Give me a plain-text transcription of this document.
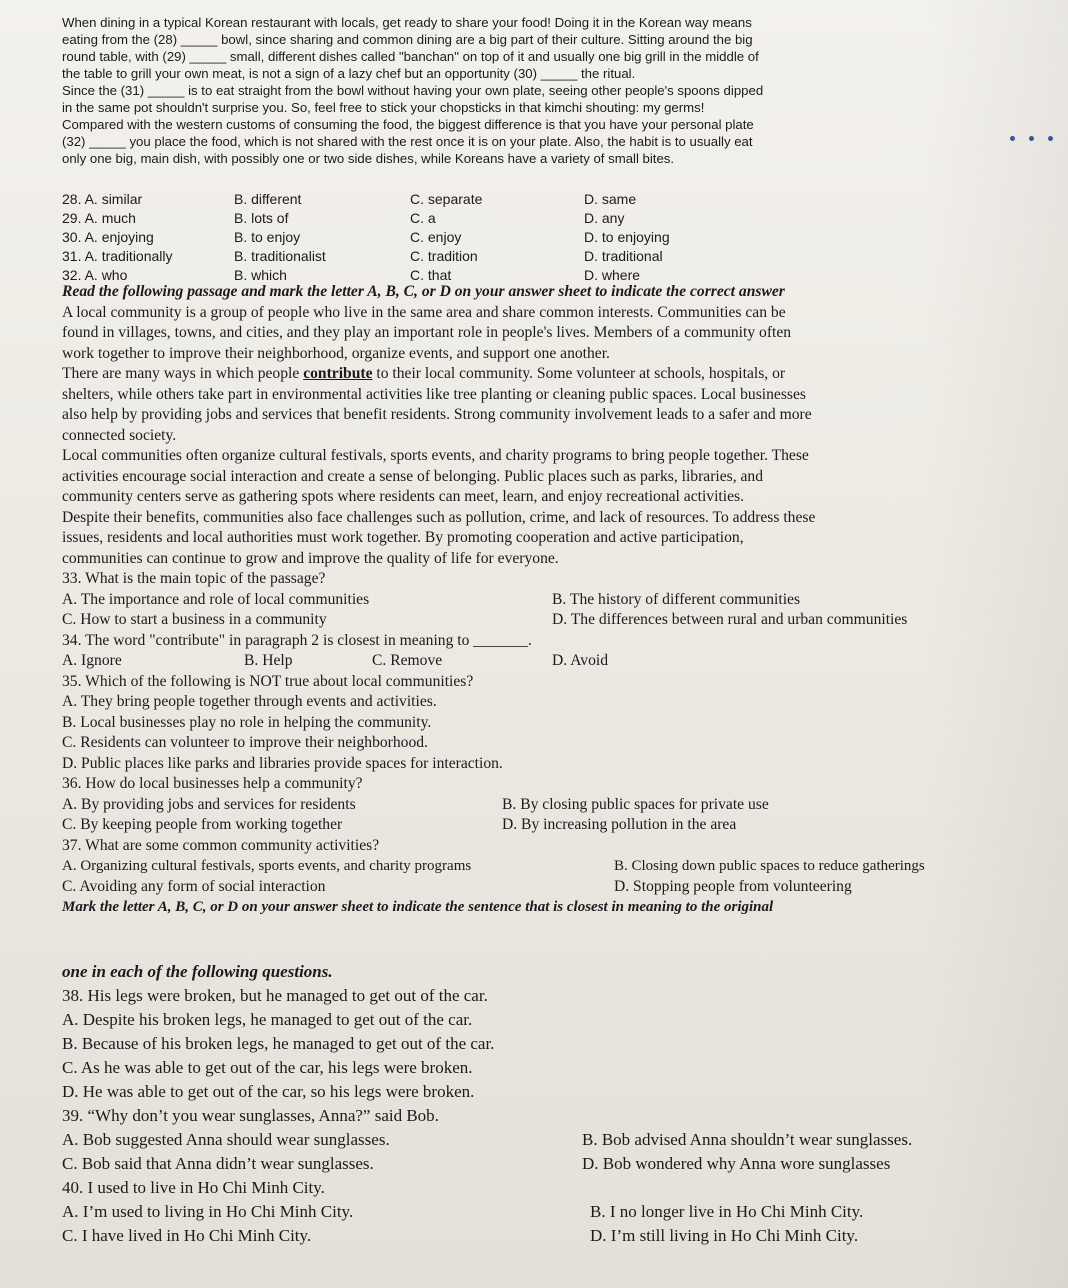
When dining in a typical Korean restaurant with locals, get ready to share your food! Doing it in the Korean way means
eating from the (28) _____ bowl, since sharing and common dining are a big part of their culture. Sitting around the big
round table, with (29) _____ small, different dishes called "banchan" on top of it and usually one big grill in the middle of
the table to grill your own meat, is not a sign of a lazy chef but an opportunity (30) _____ the ritual.
Since the (31) _____ is to eat straight from the bowl without having your own plate, seeing other people's spoons dipped
in the same pot shouldn't surprise you. So, feel free to stick your chopsticks in that kimchi shouting: my germs!
Compared with the western customs of consuming the food, the biggest difference is that you have your personal plate
(32) _____ you place the food, which is not shared with the rest once it is on your plate. Also, the habit is to usually eat
only one big, main dish, with possibly one or two side dishes, while Koreans have a variety of small bites.
28. A. similar	B. different	C. separate	D. same
29. A. much	B. lots of	C. a	D. any
30. A. enjoying	B. to enjoy	C. enjoy	D. to enjoying
31. A. traditionally	B. traditionalist	C. tradition	D. traditional
32. A. who	B. which	C. that	D. where
Read the following passage and mark the letter A, B, C, or D on your answer sheet to indicate the correct answer
A local community is a group of people who live in the same area and share common interests. Communities can be
found in villages, towns, and cities, and they play an important role in people's lives. Members of a community often
work together to improve their neighborhood, organize events, and support one another.
There are many ways in which people contribute to their local community. Some volunteer at schools, hospitals, or
shelters, while others take part in environmental activities like tree planting or cleaning public spaces. Local businesses
also help by providing jobs and services that benefit residents. Strong community involvement leads to a safer and more
connected society.
Local communities often organize cultural festivals, sports events, and charity programs to bring people together. These
activities encourage social interaction and create a sense of belonging. Public places such as parks, libraries, and
community centers serve as gathering spots where residents can meet, learn, and enjoy recreational activities.
Despite their benefits, communities also face challenges such as pollution, crime, and lack of resources. To address these
issues, residents and local authorities must work together. By promoting cooperation and active participation,
communities can continue to grow and improve the quality of life for everyone.
33. What is the main topic of the passage?
A. The importance and role of local communities	B. The history of different communities
C. How to start a business in a community	D. The differences between rural and urban communities
34. The word "contribute" in paragraph 2 is closest in meaning to _______.
A. Ignore	B. Help	C. Remove	D. Avoid
35. Which of the following is NOT true about local communities?
A. They bring people together through events and activities.
B. Local businesses play no role in helping the community.
C. Residents can volunteer to improve their neighborhood.
D. Public places like parks and libraries provide spaces for interaction.
36. How do local businesses help a community?
A. By providing jobs and services for residents	B. By closing public spaces for private use
C. By keeping people from working together	D. By increasing pollution in the area
37. What are some common community activities?
A. Organizing cultural festivals, sports events, and charity programs	B. Closing down public spaces to reduce gatherings
C. Avoiding any form of social interaction	D. Stopping people from volunteering
Mark the letter A, B, C, or D on your answer sheet to indicate the sentence that is closest in meaning to the original
one in each of the following questions.
38. His legs were broken, but he managed to get out of the car.
A. Despite his broken legs, he managed to get out of the car.
B. Because of his broken legs, he managed to get out of the car.
C. As he was able to get out of the car, his legs were broken.
D. He was able to get out of the car, so his legs were broken.
39. “Why don’t you wear sunglasses, Anna?” said Bob.
A. Bob suggested Anna should wear sunglasses.	B. Bob advised Anna shouldn’t wear sunglasses.
C. Bob said that Anna didn’t wear sunglasses.	D. Bob wondered why Anna wore sunglasses
40. I used to live in Ho Chi Minh City.
A. I’m used to living in Ho Chi Minh City.	B. I no longer live in Ho Chi Minh City.
C. I have lived in Ho Chi Minh City.	D. I’m still living in Ho Chi Minh City.
